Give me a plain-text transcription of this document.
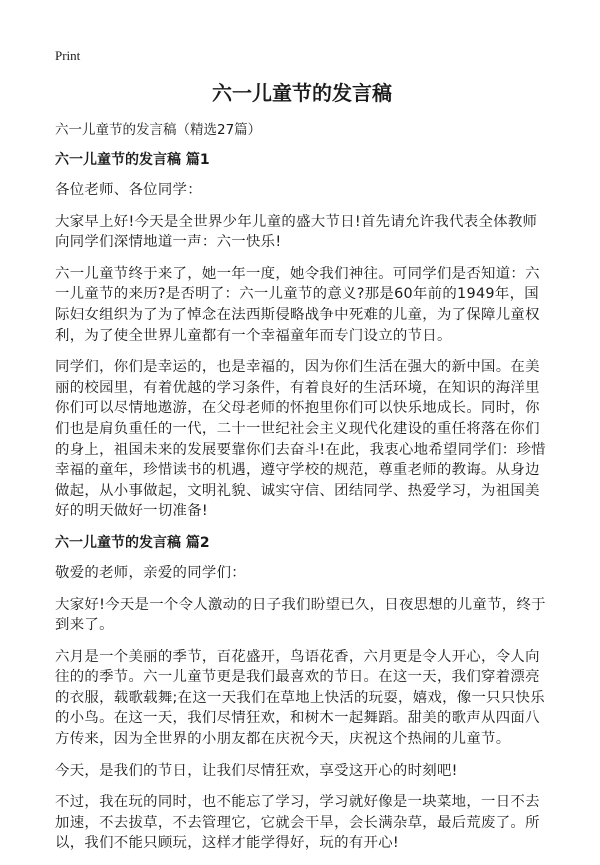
Print
六一儿童节的发言稿
六一儿童节的发言稿（精选27篇）
六一儿童节的发言稿 篇1

各位老师、各位同学：

大家早上好!今天是全世界少年儿童的盛大节日!首先请允许我代表全体教师向同学们深情地道一声：六一快乐!

六一儿童节终于来了，她一年一度，她令我们神往。可同学们是否知道：六一儿童节的来历?是否明了：六一儿童节的意义?那是60年前的1949年，国际妇女组织为了为了悼念在法西斯侵略战争中死难的儿童，为了保障儿童权利，为了使全世界儿童都有一个幸福童年而专门设立的节日。

同学们，你们是幸运的，也是幸福的，因为你们生活在强大的新中国。在美丽的校园里，有着优越的学习条件，有着良好的生活环境，在知识的海洋里你们可以尽情地遨游，在父母老师的怀抱里你们可以快乐地成长。同时，你们也是肩负重任的一代，二十一世纪社会主义现代化建设的重任将落在你们的身上，祖国未来的发展要靠你们去奋斗!在此，我衷心地希望同学们：珍惜幸福的童年，珍惜读书的机遇，遵守学校的规范，尊重老师的教诲。从身边做起，从小事做起，文明礼貌、诚实守信、团结同学、热爱学习，为祖国美好的明天做好一切准备!

六一儿童节的发言稿 篇2

敬爱的老师，亲爱的同学们：

大家好!今天是一个令人激动的日子我们盼望已久，日夜思想的儿童节，终于到来了。

六月是一个美丽的季节，百花盛开，鸟语花香，六月更是令人开心，令人向往的的季节。六一儿童节更是我们最喜欢的节日。在这一天，我们穿着漂亮的衣服，载歌载舞;在这一天我们在草地上快活的玩耍，嬉戏，像一只只快乐的小鸟。在这一天，我们尽情狂欢，和树木一起舞蹈。甜美的歌声从四面八方传来，因为全世界的小朋友都在庆祝今天，庆祝这个热闹的儿童节。

今天，是我们的节日，让我们尽情狂欢，享受这开心的时刻吧!

不过，我在玩的同时，也不能忘了学习，学习就好像是一块菜地，一日不去加速，不去拔草，不去管理它，它就会干旱，会长满杂草，最后荒废了。所以，我们不能只顾玩，这样才能学得好，玩的有开心!
